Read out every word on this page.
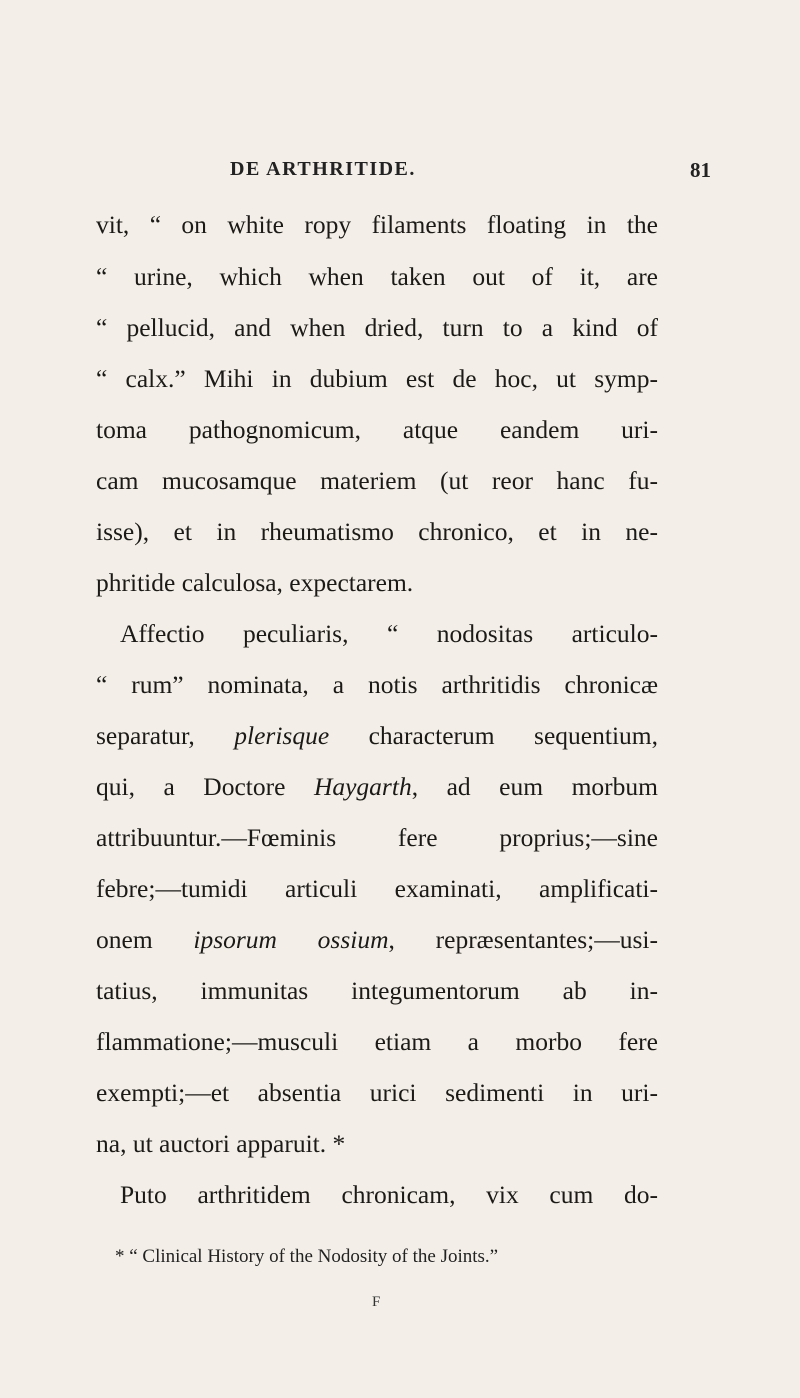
DE ARTHRITIDE.	81
vit, “ on white ropy filaments floating in the
“ urine, which when taken out of it, are
“ pellucid, and when dried, turn to a kind of
“ calx.” Mihi in dubium est de hoc, ut symp-
toma pathognomicum, atque eandem uri-
cam mucosamque materiem (ut reor hanc fu-
isse), et in rheumatismo chronico, et in ne-
phritide calculosa, expectarem.
Affectio peculiaris, “ nodositas articulo-
“ rum” nominata, a notis arthritidis chronicæ
separatur, plerisque characterum sequentium,
qui, a Doctore Haygarth, ad eum morbum
attribuuntur.—Fœminis fere proprius;—sine
febre;—tumidi articuli examinati, amplificati-
onem ipsorum ossium, repræsentantes;—usi-
tatius, immunitas integumentorum ab in-
flammatione;—musculi etiam a morbo fere
exempti;—et absentia urici sedimenti in uri-
na, ut auctori apparuit. *
Puto arthritidem chronicam, vix cum do-
* “ Clinical History of the Nodosity of the Joints.”
F
